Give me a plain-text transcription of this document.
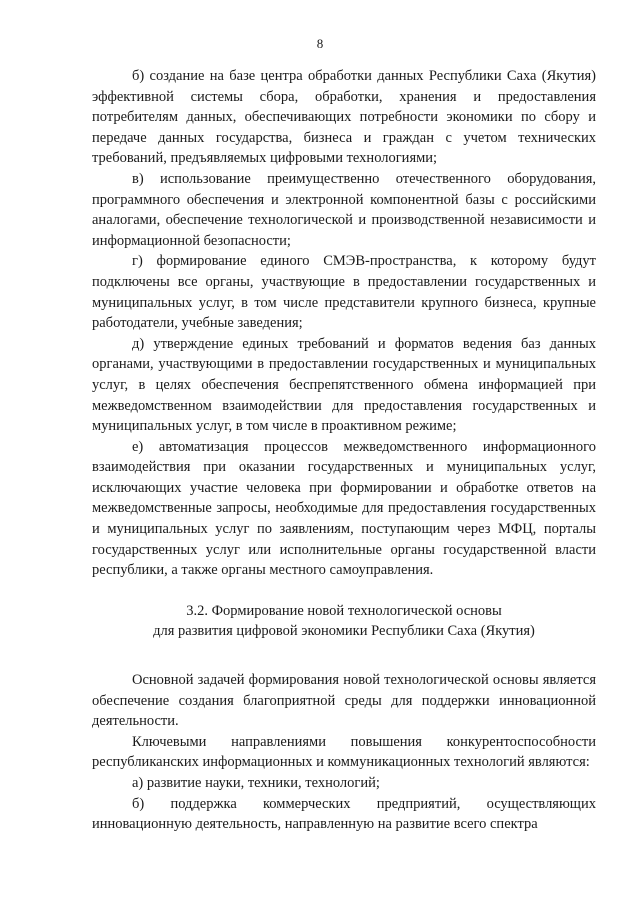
8

б) создание на базе центра обработки данных Республики Саха (Якутия) эффективной системы сбора, обработки, хранения и предоставления потребителям данных, обеспечивающих потребности экономики по сбору и передаче данных государства, бизнеса и граждан с учетом технических требований, предъявляемых цифровыми технологиями;

в) использование преимущественно отечественного оборудования, программного обеспечения и электронной компонентной базы с российскими аналогами, обеспечение технологической и производственной независимости и информационной безопасности;

г) формирование единого СМЭВ-пространства, к которому будут подключены все органы, участвующие в предоставлении государственных и муниципальных услуг, в том числе представители крупного бизнеса, крупные работодатели, учебные заведения;

д) утверждение единых требований и форматов ведения баз данных органами, участвующими в предоставлении государственных и муниципальных услуг, в целях обеспечения беспрепятственного обмена информацией при межведомственном взаимодействии для предоставления государственных и муниципальных услуг, в том числе в проактивном режиме;

е) автоматизация процессов межведомственного информационного взаимодействия при оказании государственных и муниципальных услуг, исключающих участие человека при формировании и обработке ответов на межведомственные запросы, необходимые для предоставления государственных и муниципальных услуг по заявлениям, поступающим через МФЦ, порталы государственных услуг или исполнительные органы государственной власти республики, а также органы местного самоуправления.

3.2. Формирование новой технологической основы
для развития цифровой экономики Республики Саха (Якутия)

Основной задачей формирования новой технологической основы является обеспечение создания благоприятной среды для поддержки инновационной деятельности.

Ключевыми направлениями повышения конкурентоспособности республиканских информационных и коммуникационных технологий являются:

а) развитие науки, техники, технологий;

б) поддержка коммерческих предприятий, осуществляющих инновационную деятельность, направленную на развитие всего спектра
